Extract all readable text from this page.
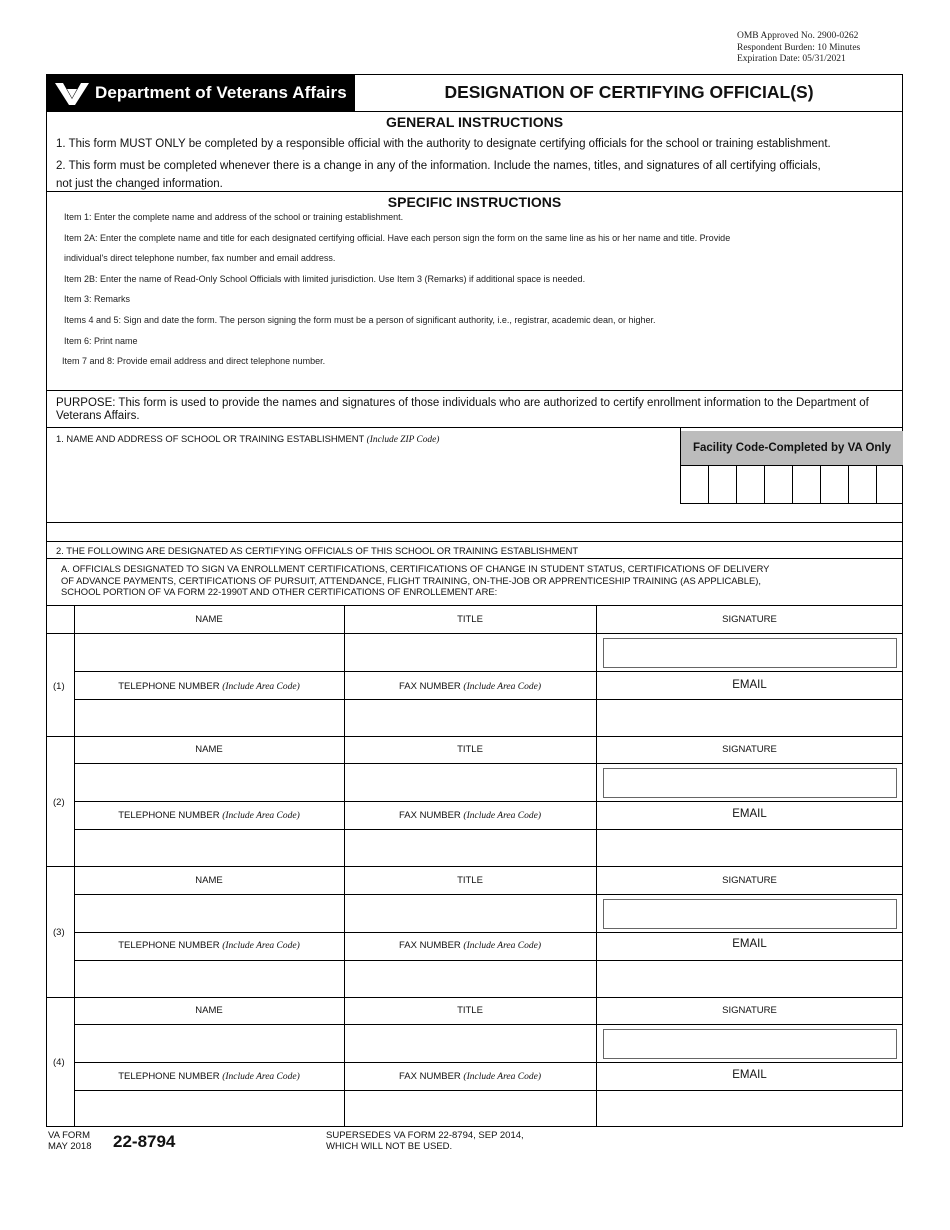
OMB Approved No. 2900-0262
Respondent Burden: 10 Minutes
Expiration Date: 05/31/2021
Department of Veterans Affairs	DESIGNATION OF CERTIFYING OFFICIAL(S)
GENERAL INSTRUCTIONS
1. This form MUST ONLY be completed by a responsible official with the authority to designate certifying officials for the school or training establishment.
2. This form must be completed whenever there is a change in any of the information. Include the names, titles, and signatures of all certifying officials,
not just the changed information.
SPECIFIC INSTRUCTIONS
Item 1: Enter the complete name and address of the school or training establishment.
Item 2A: Enter the complete name and title for each designated certifying official. Have each person sign the form on the same line as his or her name and title. Provide
individual's direct telephone number, fax number and email address.
Item 2B: Enter the name of Read-Only School Officials with limited jurisdiction. Use Item 3 (Remarks) if additional space is needed.
Item 3: Remarks
Items 4 and 5: Sign and date the form. The person signing the form must be a person of significant authority, i.e., registrar, academic dean, or higher.
Item 6: Print name
Item 7 and 8: Provide email address and direct telephone number.
PURPOSE: This form is used to provide the names and signatures of those individuals who are authorized to certify enrollment information to the Department of Veterans Affairs.
1. NAME AND ADDRESS OF SCHOOL OR TRAINING ESTABLISHMENT (Include ZIP Code)
Facility Code-Completed by VA Only
2. THE FOLLOWING ARE DESIGNATED AS CERTIFYING OFFICIALS OF THIS SCHOOL OR TRAINING ESTABLISHMENT
A. OFFICIALS DESIGNATED TO SIGN VA ENROLLMENT CERTIFICATIONS, CERTIFICATIONS OF CHANGE IN STUDENT STATUS, CERTIFICATIONS OF DELIVERY
OF ADVANCE PAYMENTS, CERTIFICATIONS OF PURSUIT, ATTENDANCE, FLIGHT TRAINING, ON-THE-JOB OR APPRENTICESHIP TRAINING (AS APPLICABLE),
SCHOOL PORTION OF VA FORM 22-1990T AND OTHER CERTIFICATIONS OF ENROLLEMENT ARE:
NAME	TITLE	SIGNATURE
(1)	TELEPHONE NUMBER (Include Area Code)	FAX NUMBER (Include Area Code)	EMAIL
NAME	TITLE	SIGNATURE
(2)
TELEPHONE NUMBER (Include Area Code)	FAX NUMBER (Include Area Code)	EMAIL
NAME	TITLE	SIGNATURE
(3)
TELEPHONE NUMBER (Include Area Code)	FAX NUMBER (Include Area Code)	EMAIL
NAME	TITLE	SIGNATURE
(4)
TELEPHONE NUMBER (Include Area Code)	FAX NUMBER (Include Area Code)	EMAIL
VA FORM
MAY 2018 22-8794	SUPERSEDES VA FORM 22-8794, SEP 2014,
WHICH WILL NOT BE USED.
